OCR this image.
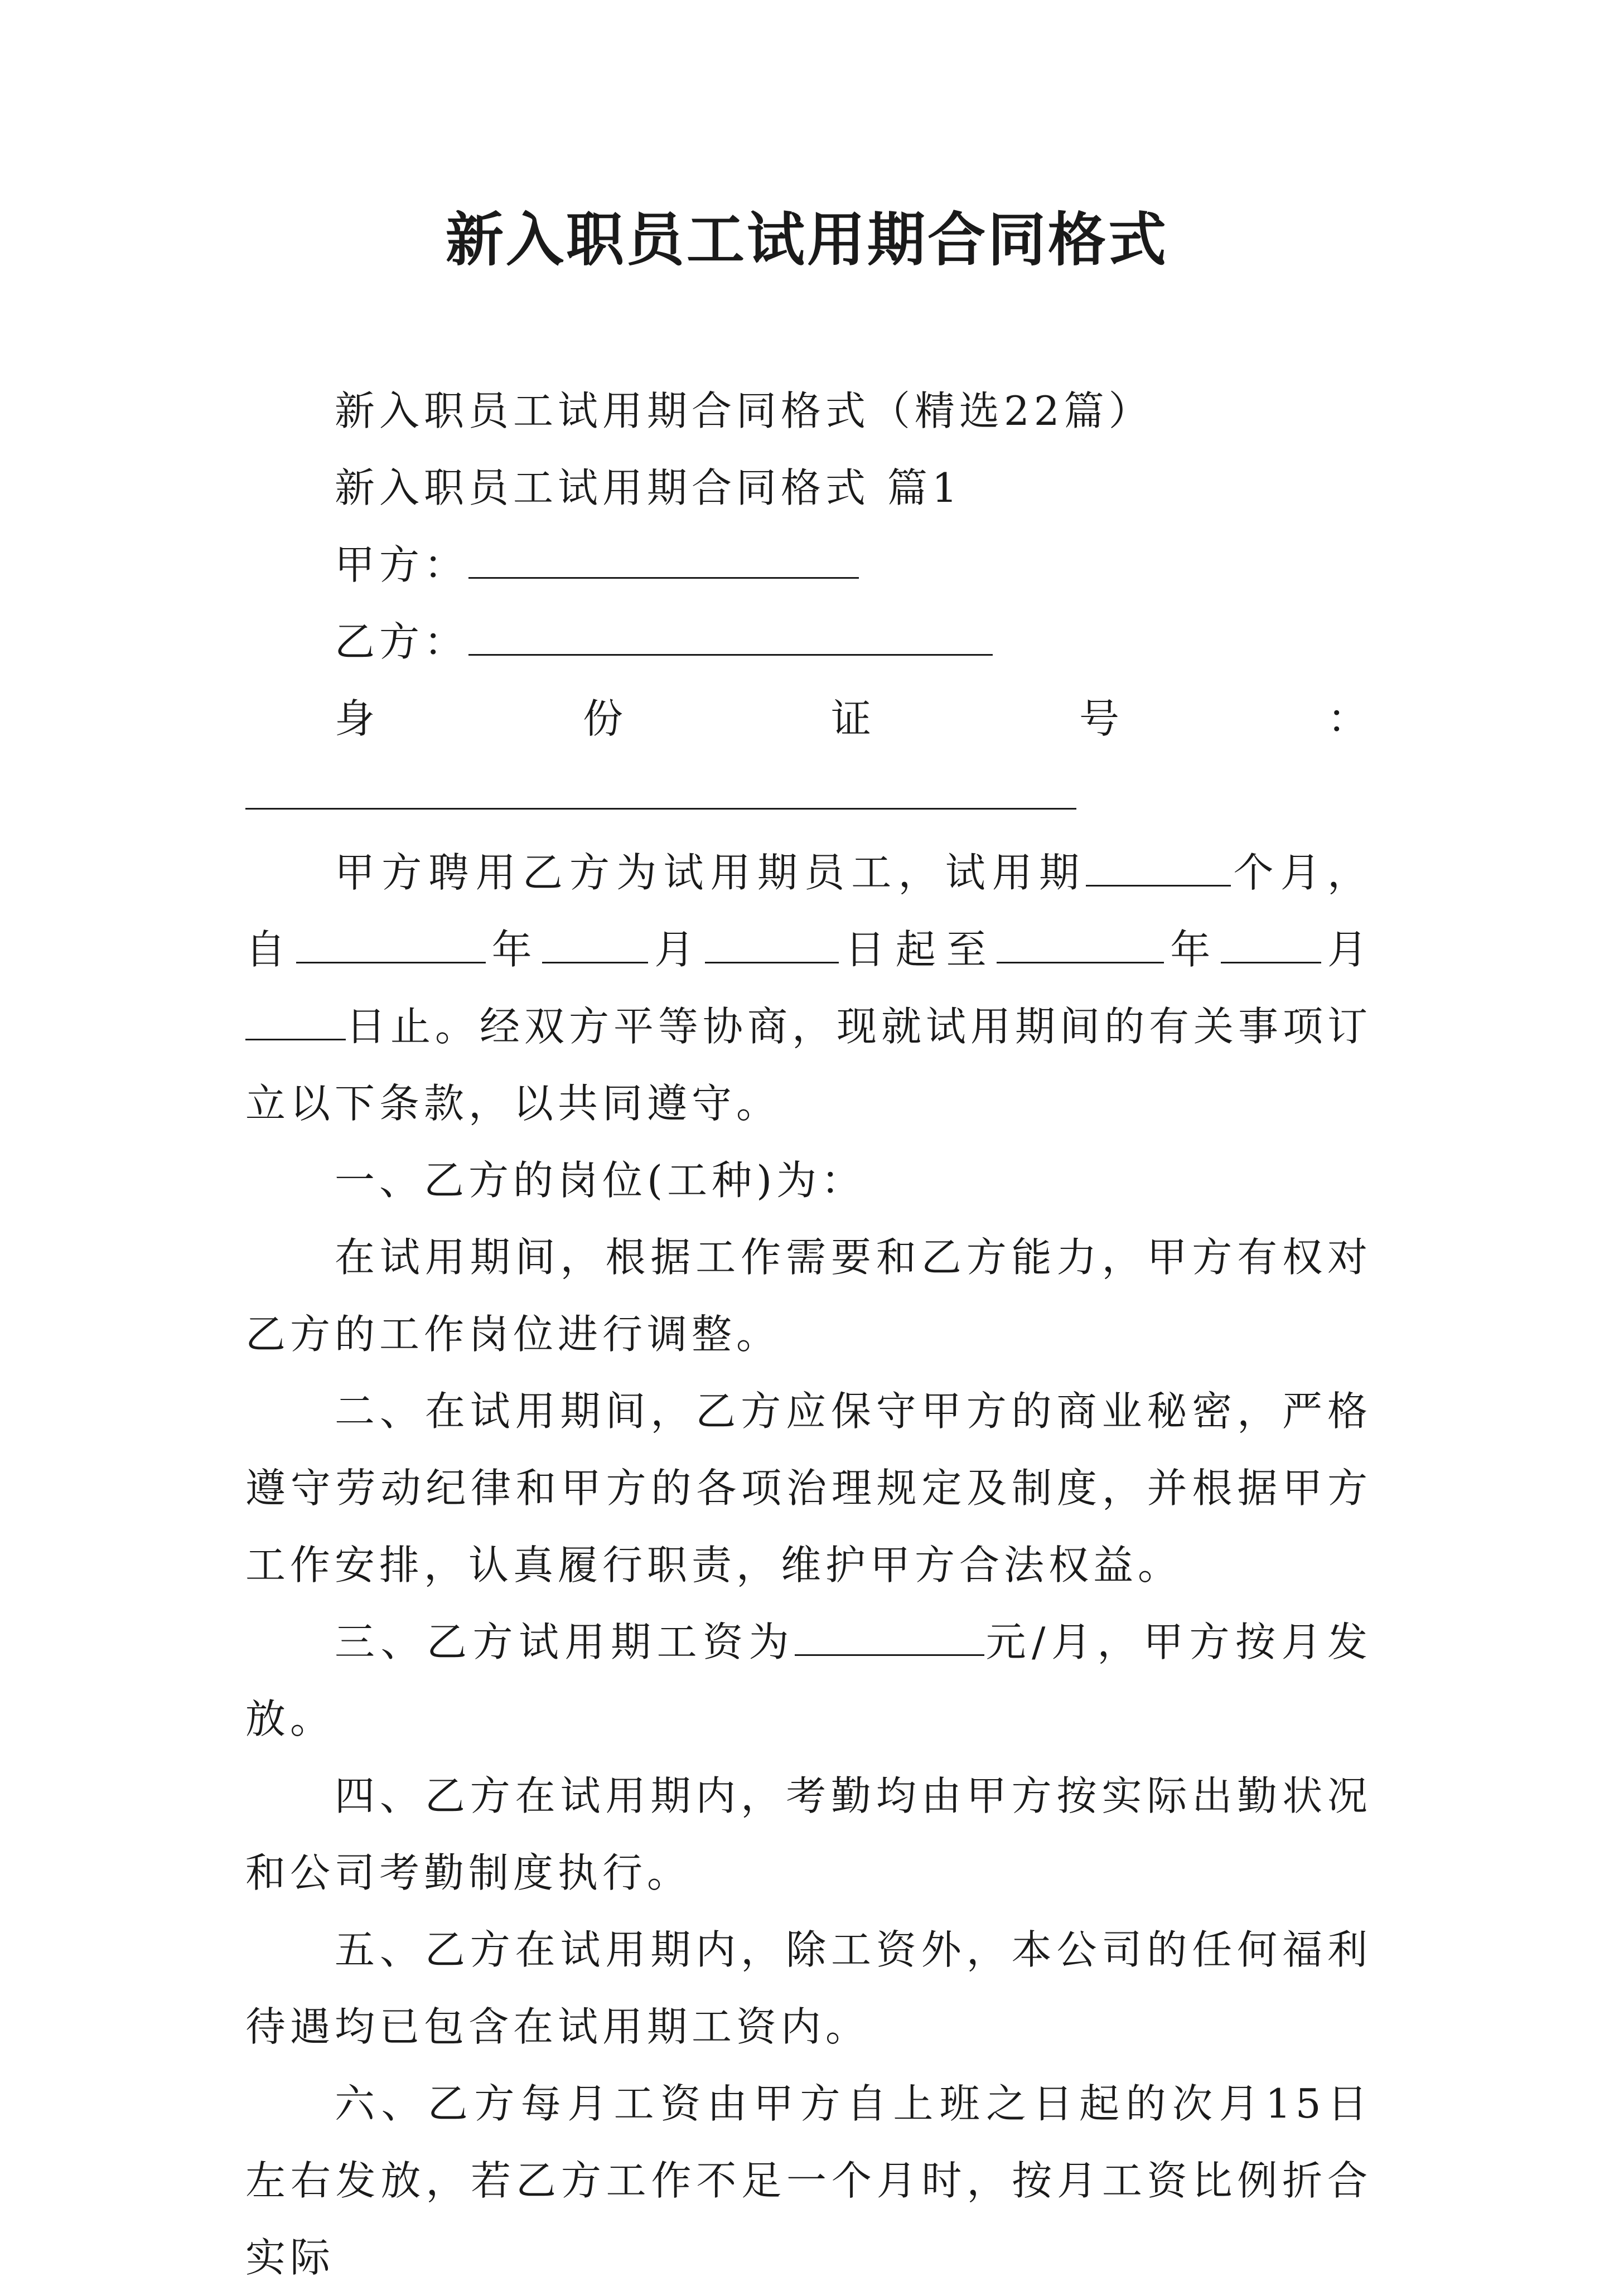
新入职员工试用期合同格式

新入职员工试用期合同格式（精选22篇）

新入职员工试用期合同格式 篇1

甲方：

乙方：

身份证号：

甲方聘用乙方为试用期员工，试用期	个月，自	年	月	日起至	年	月日止。经双方平等协商，现就试用期间的有关事项订立以下条款，以共同遵守。

一、乙方的岗位(工种)为：

在试用期间，根据工作需要和乙方能力，甲方有权对乙方的工作岗位进行调整。

二、在试用期间，乙方应保守甲方的商业秘密，严格遵守劳动纪律和甲方的各项治理规定及制度，并根据甲方工作安排，认真履行职责，维护甲方合法权益。

三、乙方试用期工资为	元/月，甲方按月发放。

四、乙方在试用期内，考勤均由甲方按实际出勤状况和公司考勤制度执行。

五、乙方在试用期内，除工资外，本公司的任何福利待遇均已包含在试用期工资内。

六、乙方每月工资由甲方自上班之日起的次月15日左右发放，若乙方工作不足一个月时，按月工资比例折合实际
